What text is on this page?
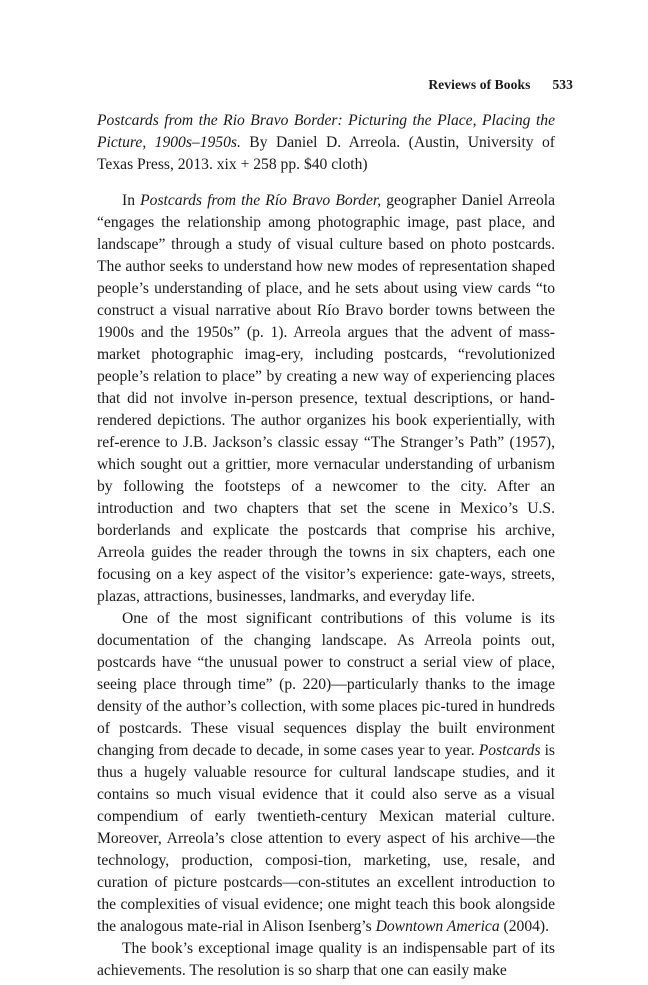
Reviews of Books 533

Postcards from the Rio Bravo Border: Picturing the Place, Placing the Picture, 1900s–1950s. By Daniel D. Arreola. (Austin, University of Texas Press, 2013. xix + 258 pp. $40 cloth)

In Postcards from the Río Bravo Border, geographer Daniel Arreola “engages the relationship among photographic image, past place, and landscape” through a study of visual culture based on photo postcards. The author seeks to understand how new modes of representation shaped people’s understanding of place, and he sets about using view cards “to construct a visual narrative about Río Bravo border towns between the 1900s and the 1950s” (p. 1). Arreola argues that the advent of mass-market photographic imag-ery, including postcards, “revolutionized people’s relation to place” by creating a new way of experiencing places that did not involve in-person presence, textual descriptions, or hand-rendered depictions. The author organizes his book experientially, with ref-erence to J.B. Jackson’s classic essay “The Stranger’s Path” (1957), which sought out a grittier, more vernacular understanding of urbanism by following the footsteps of a newcomer to the city. After an introduction and two chapters that set the scene in Mexico’s U.S. borderlands and explicate the postcards that comprise his archive, Arreola guides the reader through the towns in six chapters, each one focusing on a key aspect of the visitor’s experience: gate-ways, streets, plazas, attractions, businesses, landmarks, and everyday life.

One of the most significant contributions of this volume is its documentation of the changing landscape. As Arreola points out, postcards have “the unusual power to construct a serial view of place, seeing place through time” (p. 220)—particularly thanks to the image density of the author’s collection, with some places pic-tured in hundreds of postcards. These visual sequences display the built environment changing from decade to decade, in some cases year to year. Postcards is thus a hugely valuable resource for cultural landscape studies, and it contains so much visual evidence that it could also serve as a visual compendium of early twentieth-century Mexican material culture. Moreover, Arreola’s close attention to every aspect of his archive—the technology, production, composi-tion, marketing, use, resale, and curation of picture postcards—con-stitutes an excellent introduction to the complexities of visual evidence; one might teach this book alongside the analogous mate-rial in Alison Isenberg’s Downtown America (2004).

The book’s exceptional image quality is an indispensable part of its achievements. The resolution is so sharp that one can easily make
